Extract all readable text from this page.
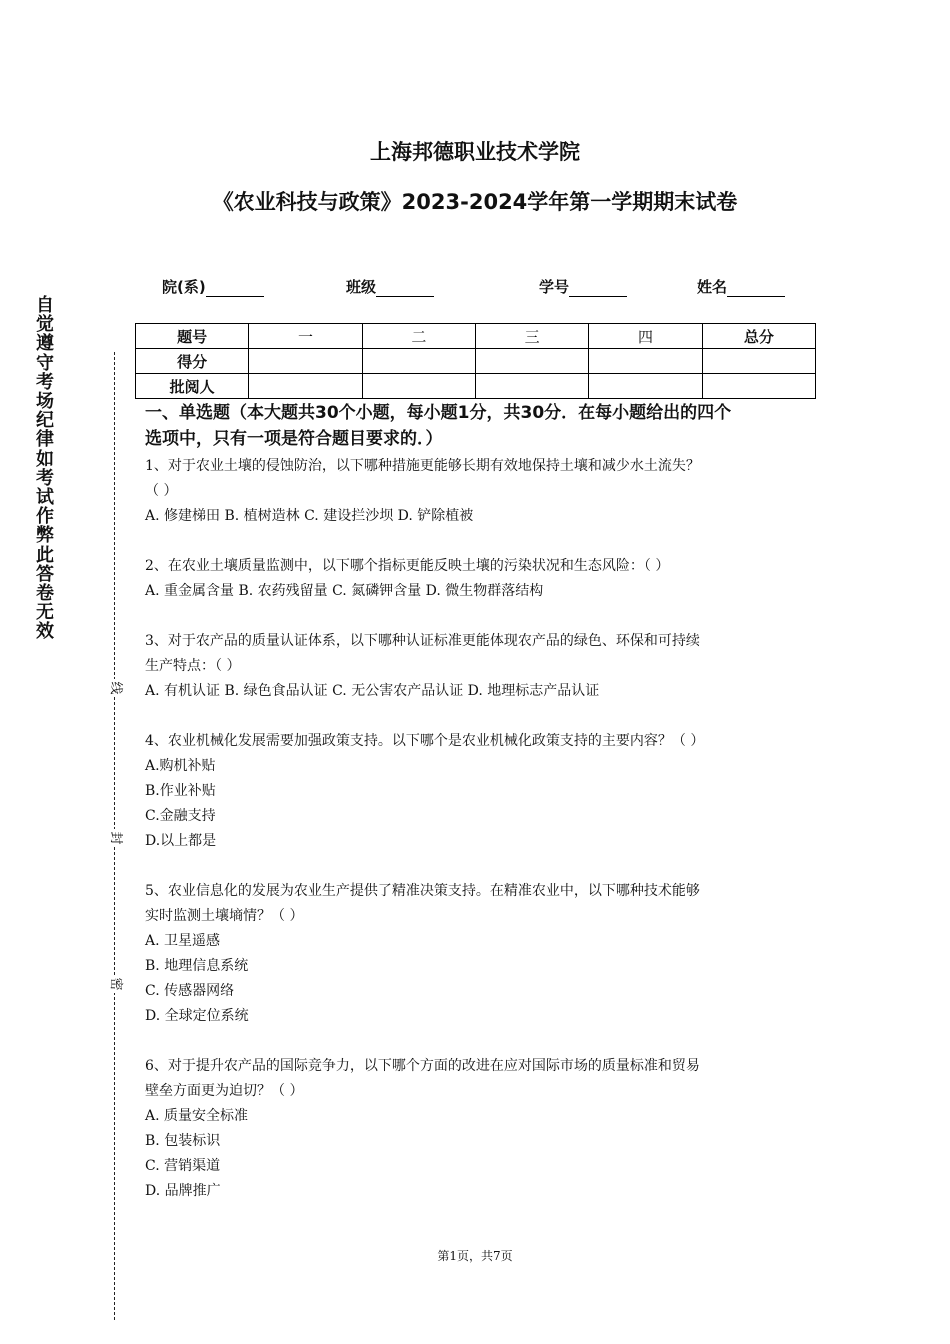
自
觉
遵
守
考
场
纪
律
如
考
试
作
弊
此
答
卷
无
效
线
封
密
上海邦德职业技术学院
《农业科技与政策》2023-2024学年第一学期期末试卷
院(系)	班级	学号	姓名
题号	一	二	三	四	总分
得分					
批阅人					
一、单选题（本大题共30个小题，每小题1分，共30分．在每小题给出的四个
选项中，只有一项是符合题目要求的．）

1、对于农业土壤的侵蚀防治，以下哪种措施更能够长期有效地保持土壤和减少水土流失？

（ ）

A. 修建梯田 B. 植树造林 C. 建设拦沙坝 D. 铲除植被

2、在农业土壤质量监测中，以下哪个指标更能反映土壤的污染状况和生态风险：（ ）

A. 重金属含量 B. 农药残留量 C. 氮磷钾含量 D. 微生物群落结构

3、对于农产品的质量认证体系，以下哪种认证标准更能体现农产品的绿色、环保和可持续

生产特点：（ ）

A. 有机认证 B. 绿色食品认证 C. 无公害农产品认证 D. 地理标志产品认证

4、农业机械化发展需要加强政策支持。以下哪个是农业机械化政策支持的主要内容？（ ）

A.购机补贴

B.作业补贴

C.金融支持

D.以上都是

5、农业信息化的发展为农业生产提供了精准决策支持。在精准农业中，以下哪种技术能够

实时监测土壤墒情？（ ）

A. 卫星遥感

B. 地理信息系统

C. 传感器网络

D. 全球定位系统

6、对于提升农产品的国际竞争力，以下哪个方面的改进在应对国际市场的质量标准和贸易

壁垒方面更为迫切？（ ）

A. 质量安全标准

B. 包装标识

C. 营销渠道

D. 品牌推广

第1页，共7页
